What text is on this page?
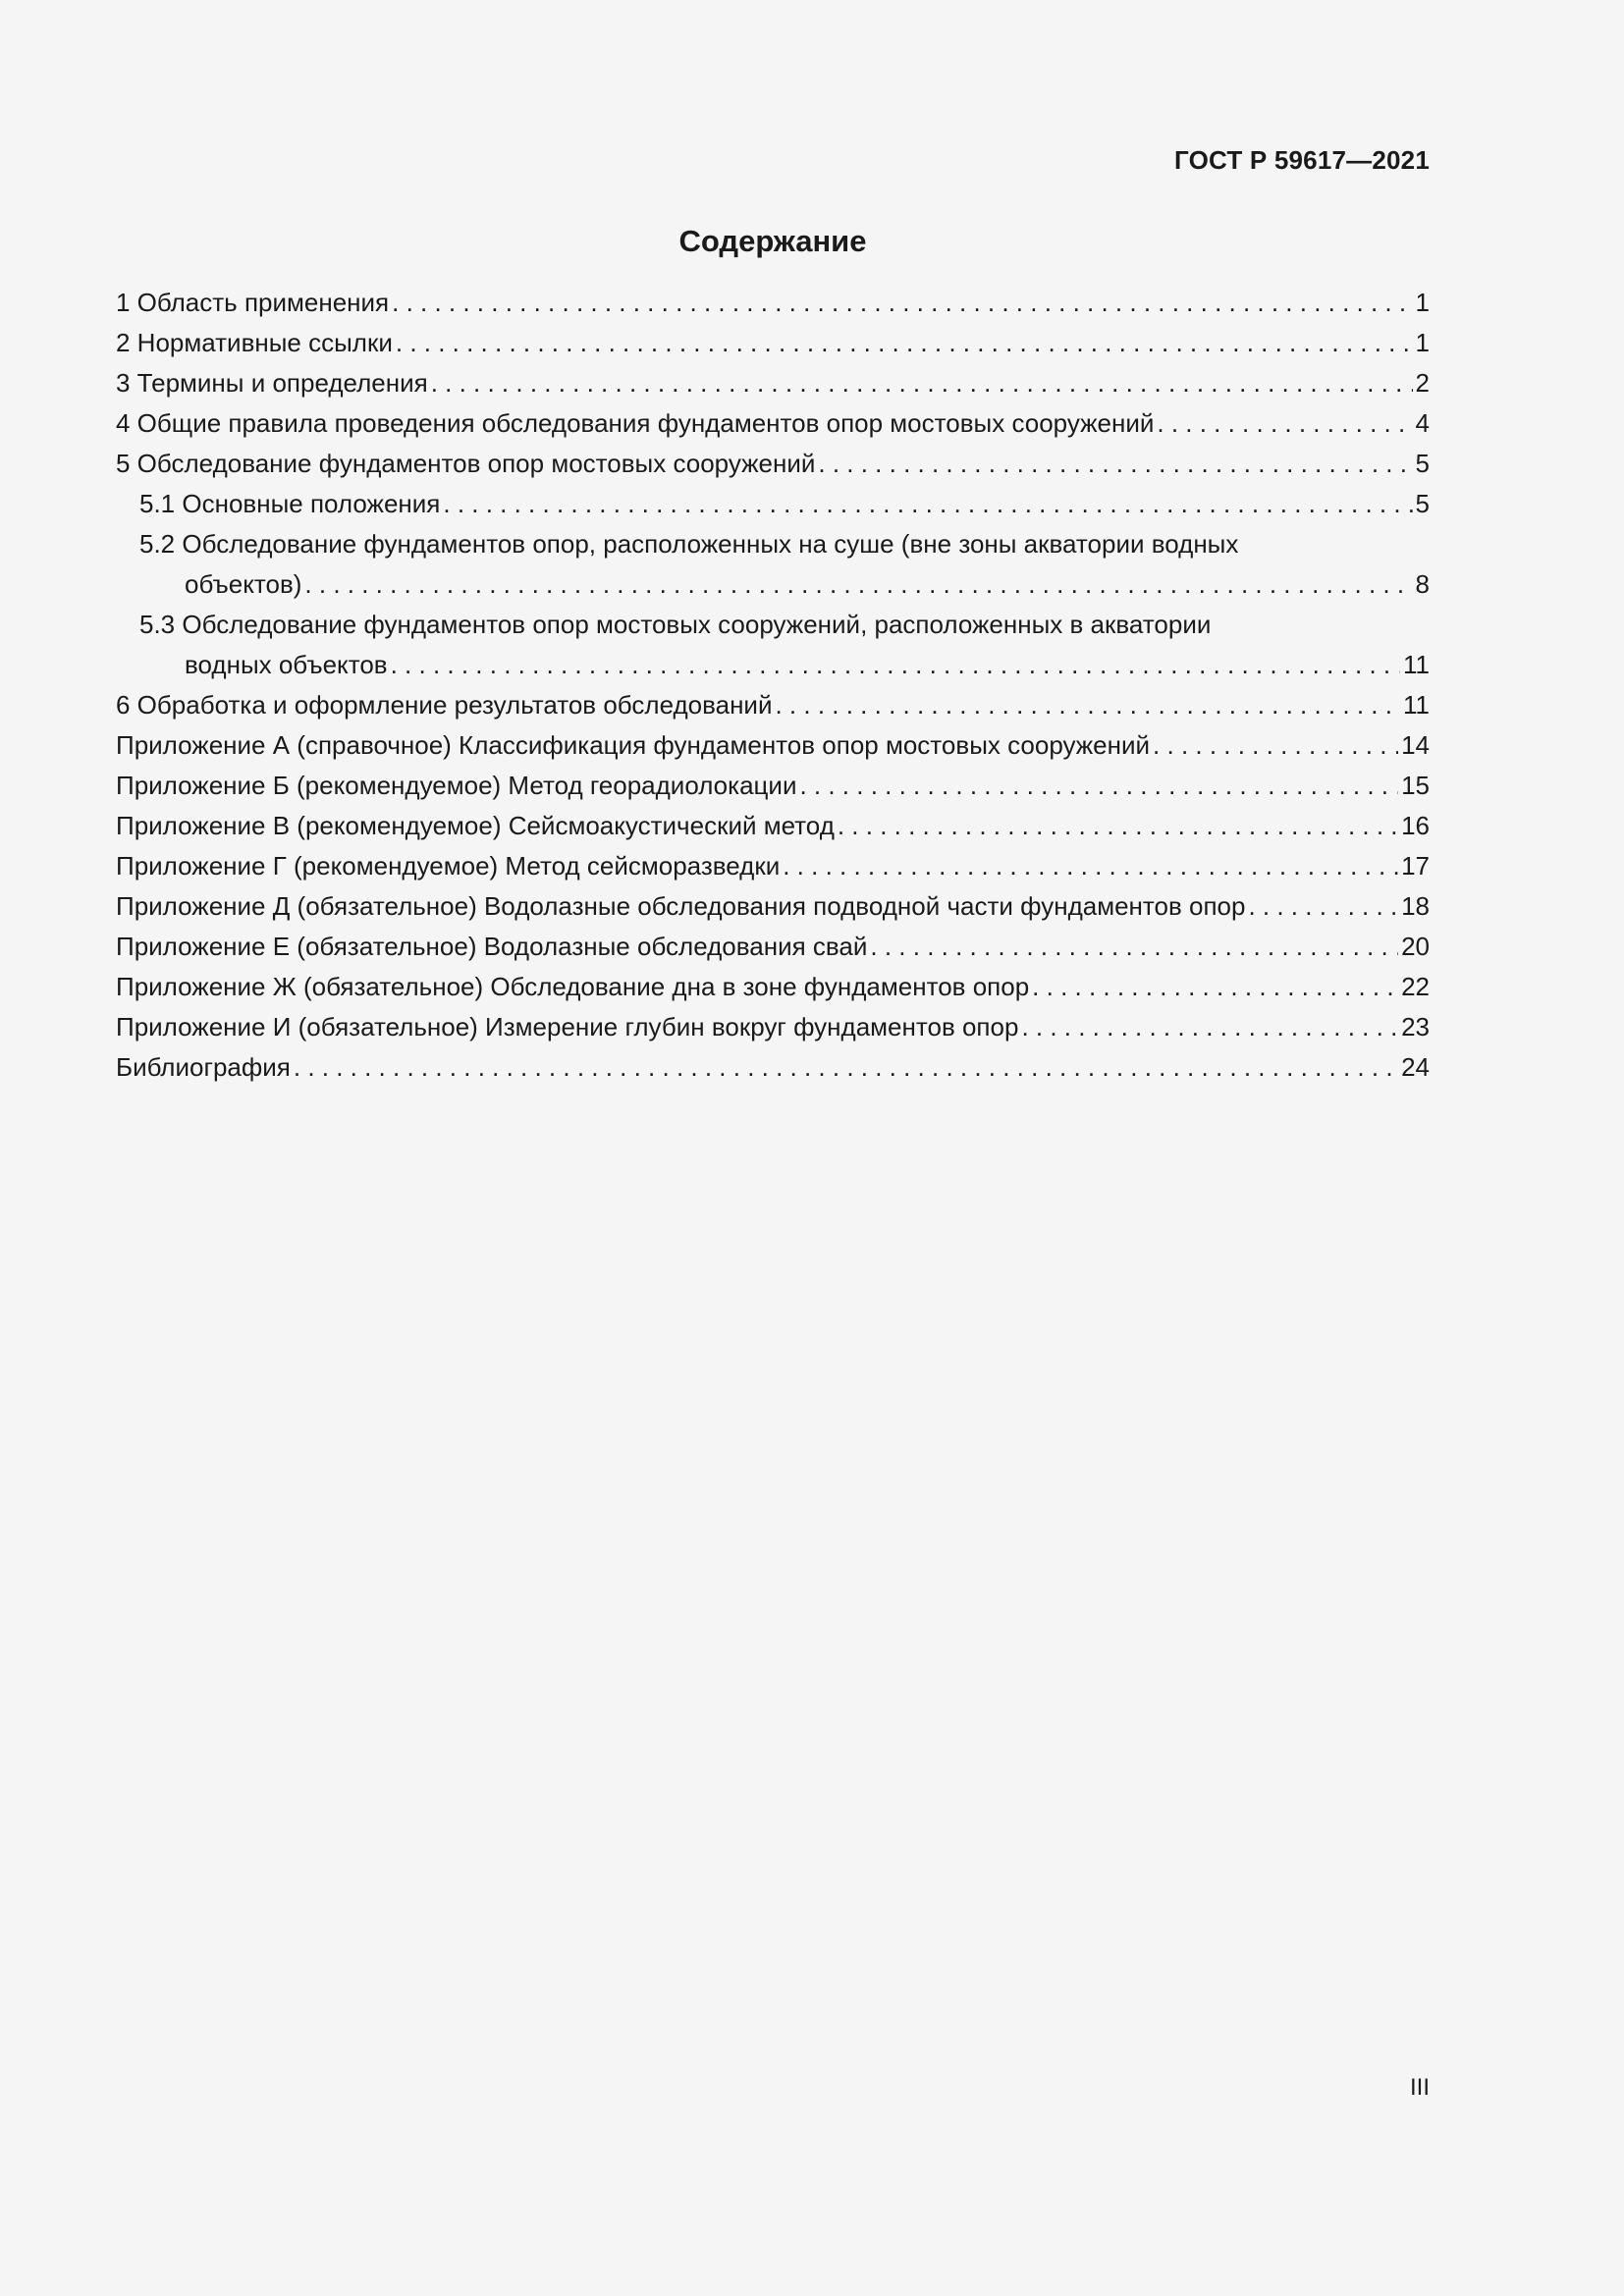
ГОСТ Р 59617—2021
Содержание
1 Область применения . . .	1
2 Нормативные ссылки . . .	1
3 Термины и определения . . .	2
4 Общие правила проведения обследования фундаментов опор мостовых сооружений . . .	4
5 Обследование фундаментов опор мостовых сооружений . . .	5
5.1 Основные положения . . .	5
5.2 Обследование фундаментов опор, расположенных на суше (вне зоны акватории водных
объектов) . . .	8
5.3 Обследование фундаментов опор мостовых сооружений, расположенных в акватории
водных объектов . . .	11
6 Обработка и оформление результатов обследований . . .	11
Приложение А (справочное) Классификация фундаментов опор мостовых сооружений . . .	14
Приложение Б (рекомендуемое) Метод георадиолокации . . .	15
Приложение В (рекомендуемое) Сейсмоакустический метод . . .	16
Приложение Г (рекомендуемое) Метод сейсморазведки . . .	17
Приложение Д (обязательное) Водолазные обследования подводной части фундаментов опор . . .	18
Приложение Е (обязательное) Водолазные обследования свай . . .	20
Приложение Ж (обязательное) Обследование дна в зоне фундаментов опор . . .	22
Приложение И (обязательное) Измерение глубин вокруг фундаментов опор . . .	23
Библиография . . .	24
III
